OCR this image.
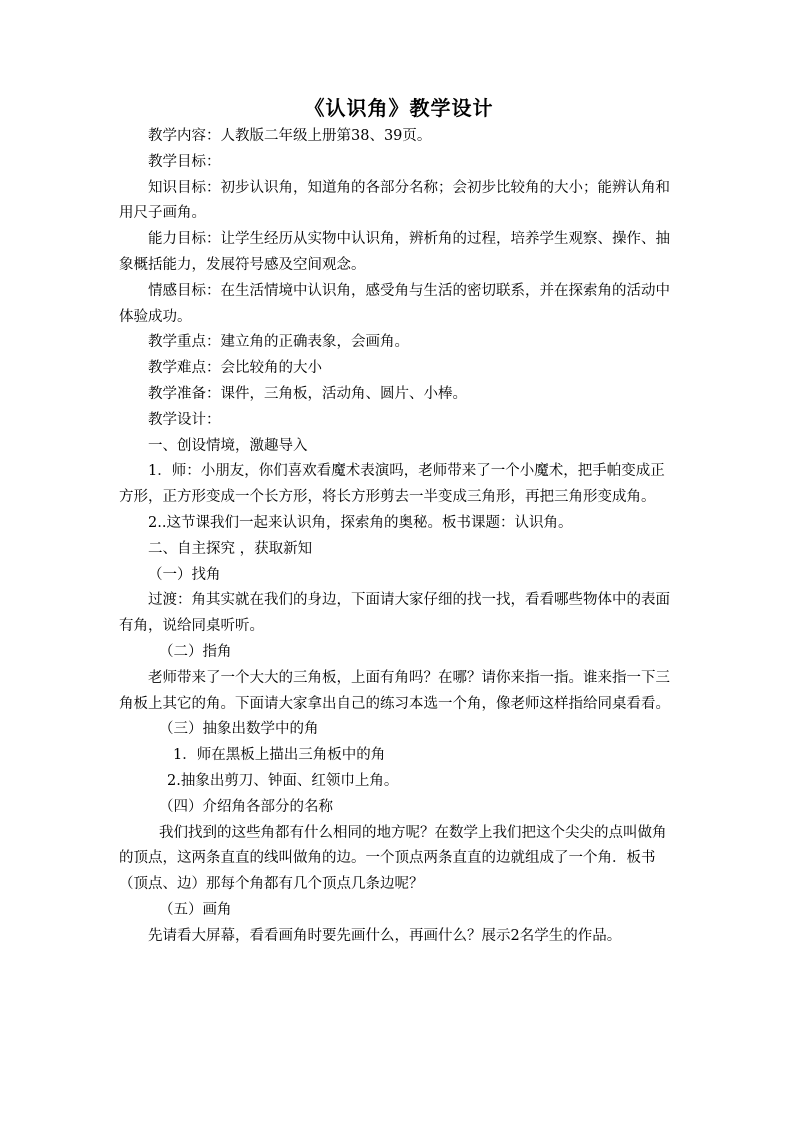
《认识角》教学设计

教学内容：人教版二年级上册第38、39页。

教学目标：

知识目标：初步认识角，知道角的各部分名称；会初步比较角的大小；能辨认角和用尺子画角。

能力目标：让学生经历从实物中认识角，辨析角的过程，培养学生观察、操作、抽象概括能力，发展符号感及空间观念。

情感目标：在生活情境中认识角，感受角与生活的密切联系，并在探索角的活动中体验成功。

教学重点：建立角的正确表象，会画角。

教学难点：会比较角的大小

教学准备：课件，三角板，活动角、圆片、小棒。

教学设计：

一、创设情境，激趣导入

1．师：小朋友，你们喜欢看魔术表演吗，老师带来了一个小魔术，把手帕变成正方形，正方形变成一个长方形，将长方形剪去一半变成三角形，再把三角形变成角。

2..这节课我们一起来认识角，探索角的奥秘。板书课题：认识角。

二、自主探究 ，获取新知

（一）找角

过渡：角其实就在我们的身边，下面请大家仔细的找一找，看看哪些物体中的表面有角，说给同桌听听。

（二）指角

老师带来了一个大大的三角板，上面有角吗？在哪？请你来指一指。谁来指一下三角板上其它的角。下面请大家拿出自己的练习本选一个角，像老师这样指给同桌看看。

（三）抽象出数学中的角

1．师在黑板上描出三角板中的角

2.抽象出剪刀、钟面、红领巾上角。

（四）介绍角各部分的名称

我们找到的这些角都有什么相同的地方呢？在数学上我们把这个尖尖的点叫做角的顶点，这两条直直的线叫做角的边。一个顶点两条直直的边就组成了一个角．板书（顶点、边）那每个角都有几个顶点几条边呢？

（五）画角

先请看大屏幕，看看画角时要先画什么，再画什么？展示2名学生的作品。
